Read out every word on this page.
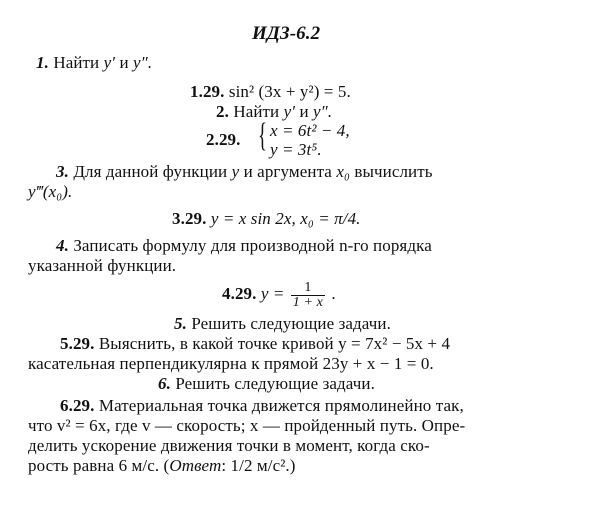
ИДЗ-6.2
1. Найти y′ и y″.
1.29. sin² (3x + y²) = 5.
2. Найти y′ и y″.
2.29. { x = 6t² − 4,
y = 3t⁵.
3. Для данной функции y и аргумента x₀ вычислить
y‴(x₀).
3.29. y = x sin 2x, x₀ = π/4.
4. Записать формулу для производной n-го порядка
указанной функции.
4.29. $y = \frac{1}{1 + x}$ .
5. Решить следующие задачи.
5.29. Выяснить, в какой точке кривой y = 7x² − 5x + 4
касательная перпендикулярна к прямой 23y + x − 1 = 0.
6. Решить следующие задачи.
6.29. Материальная точка движется прямолинейно так,
что v² = 6x, где v — скорость; x — пройденный путь. Опре-
делить ускорение движения точки в момент, когда ско-
рость равна 6 м/с. (Ответ: 1/2 м/с².)
